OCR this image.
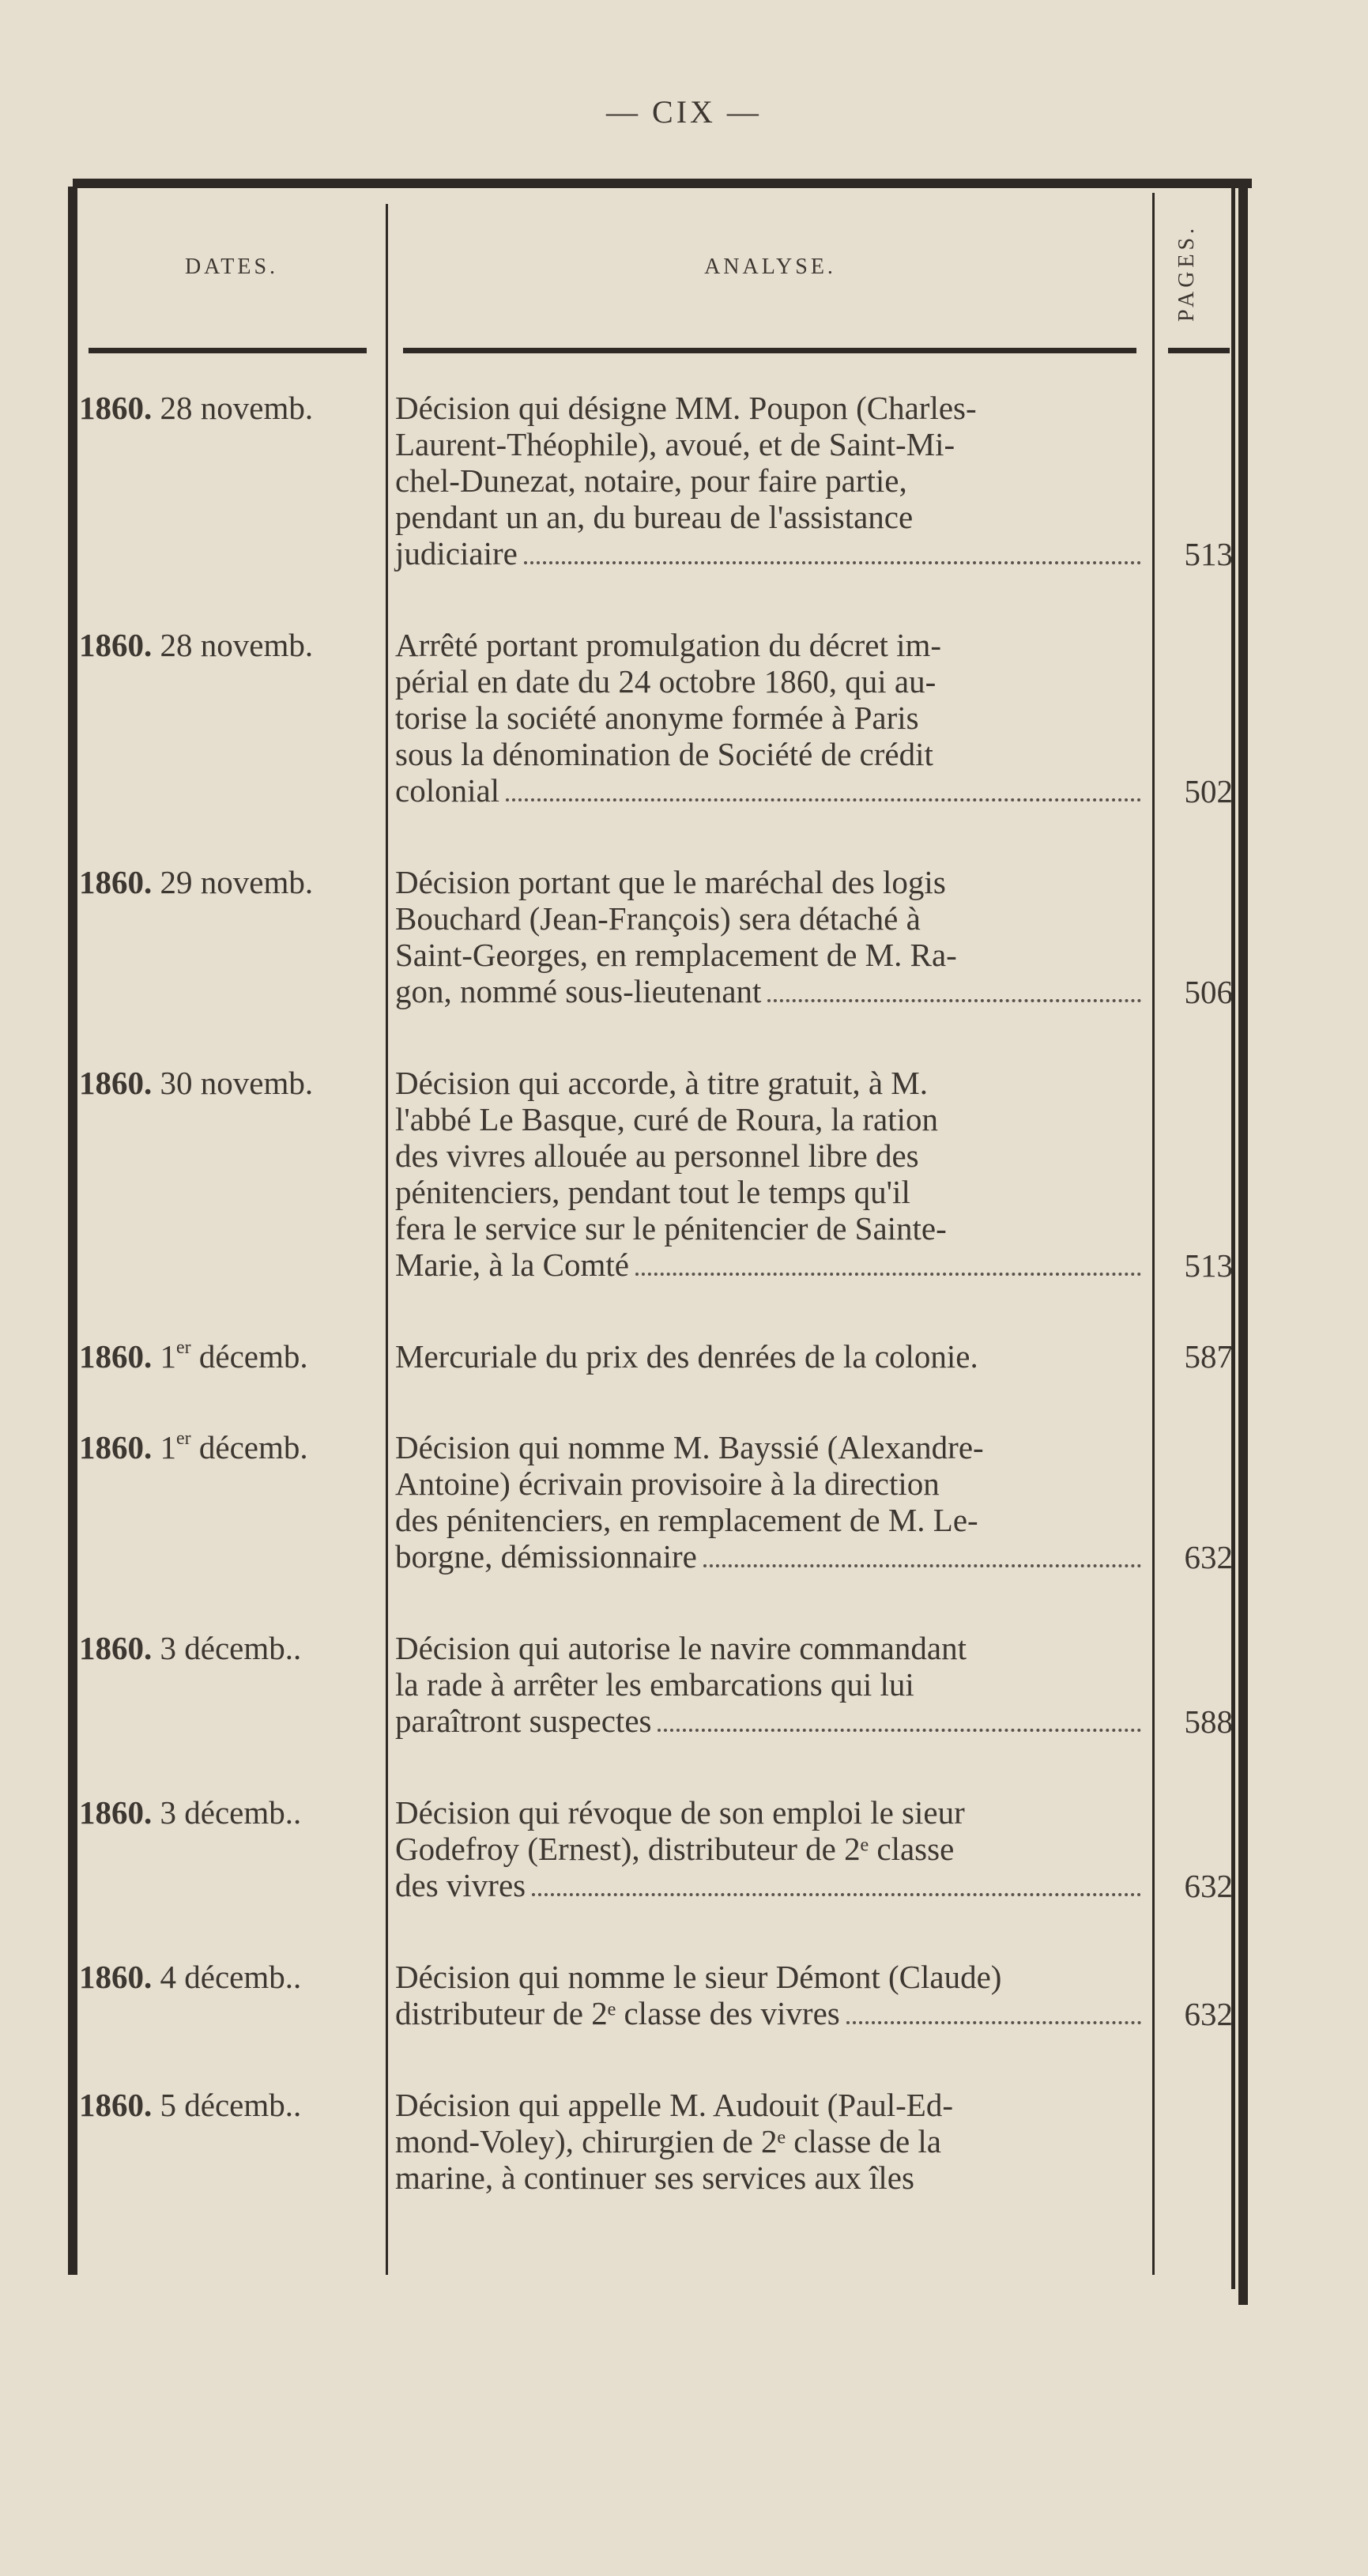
— CIX —
DATES.	ANALYSE.	PAGES.
1860. 28 novemb.	Décision qui désigne MM. Poupon (Charles-
Laurent-Théophile), avoué, et de Saint-Mi-
chel-Dunezat, notaire, pour faire partie,
pendant un an, du bureau de l'assistance
judiciaire	513
1860. 28 novemb.	Arrêté portant promulgation du décret im-
périal en date du 24 octobre 1860, qui au-
torise la société anonyme formée à Paris
sous la dénomination de Société de crédit
colonial	502
1860. 29 novemb.	Décision portant que le maréchal des logis
Bouchard (Jean-François) sera détaché à
Saint-Georges, en remplacement de M. Ra-
gon, nommé sous-lieutenant	506
1860. 30 novemb.	Décision qui accorde, à titre gratuit, à M.
l'abbé Le Basque, curé de Roura, la ration
des vivres allouée au personnel libre des
pénitenciers, pendant tout le temps qu'il
fera le service sur le pénitencier de Sainte-
Marie, à la Comté	513
1860. 1er décemb.	Mercuriale du prix des denrées de la colonie.	587
1860. 1er décemb.	Décision qui nomme M. Bayssié (Alexandre-
Antoine) écrivain provisoire à la direction
des pénitenciers, en remplacement de M. Le-
borgne, démissionnaire	632
1860. 3 décemb..	Décision qui autorise le navire commandant
la rade à arrêter les embarcations qui lui
paraîtront suspectes	588
1860. 3 décemb..	Décision qui révoque de son emploi le sieur
Godefroy (Ernest), distributeur de 2ᵉ classe
des vivres	632
1860. 4 décemb..	Décision qui nomme le sieur Démont (Claude)
distributeur de 2ᵉ classe des vivres	632
1860. 5 décemb..	Décision qui appelle M. Audouit (Paul-Ed-
mond-Voley), chirurgien de 2ᵉ classe de la
marine, à continuer ses services aux îles
